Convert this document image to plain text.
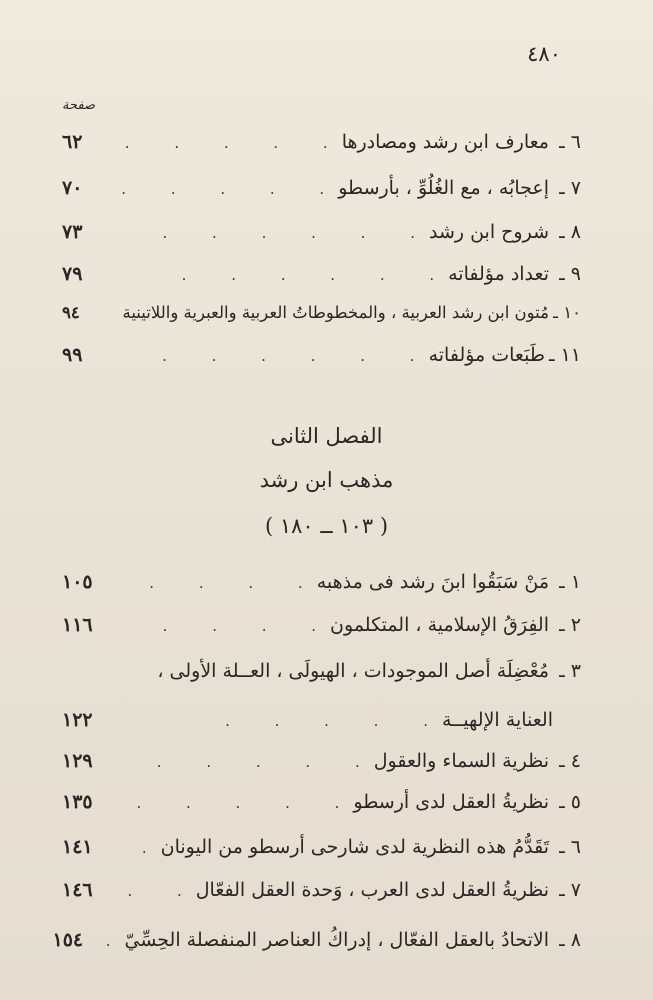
٤٨٠
صفحة
٦ ـ
معارف ابن رشد ومصادرها
. . . . .
٦٢
٧ ـ
إعجابُه ، مع الغُلُوِّ ، بأرسطو
. . . . .
٧٠
٨ ـ
شروح ابن رشد
. . . . . .
٧٣
٩ ـ
تعداد مؤلفاته
. . . . . .
٧٩
١٠ ـ
مُتون ابن رشد العربية ، والمخطوطاتُ العربية والعبرية واللاتينية
٩٤
١١ ـ
طَبَعات مؤلفاته
. . . . . .
٩٩
الفصل الثانى
مذهب ابن رشد
( ١٠٣ ــ ١٨٠ )
١ ـ
مَنْ سَبَقُوا ابنَ رشد فى مذهبه
. . . .
١٠٥
٢ ـ
الفِرَقُ الإسلامية ، المتكلمون
. . . .
١١٦
٣ ـ
مُعْضِلَة أصل الموجودات ، الهيولَى ، العــلة الأولى ،
العناية الإلهيــة
. . . . .
١٢٢
٤ ـ
نظرية السماء والعقول
. . . . .
١٢٩
٥ ـ
نظريةُ العقل لدى أرسطو
. . . . .
١٣٥
٦ ـ
تَقَدُّمُ هذه النظرية لدى شارحى أرسطو من اليونان
.
١٤١
٧ ـ
نظريةُ العقل لدى العرب ، وَحدة العقل الفعّال
. .
١٤٦
٨ ـ
الاتحادُ بالعقل الفعّال ، إدراكُ العناصر المنفصلة الحِسِّيّ
.
١٥٤
